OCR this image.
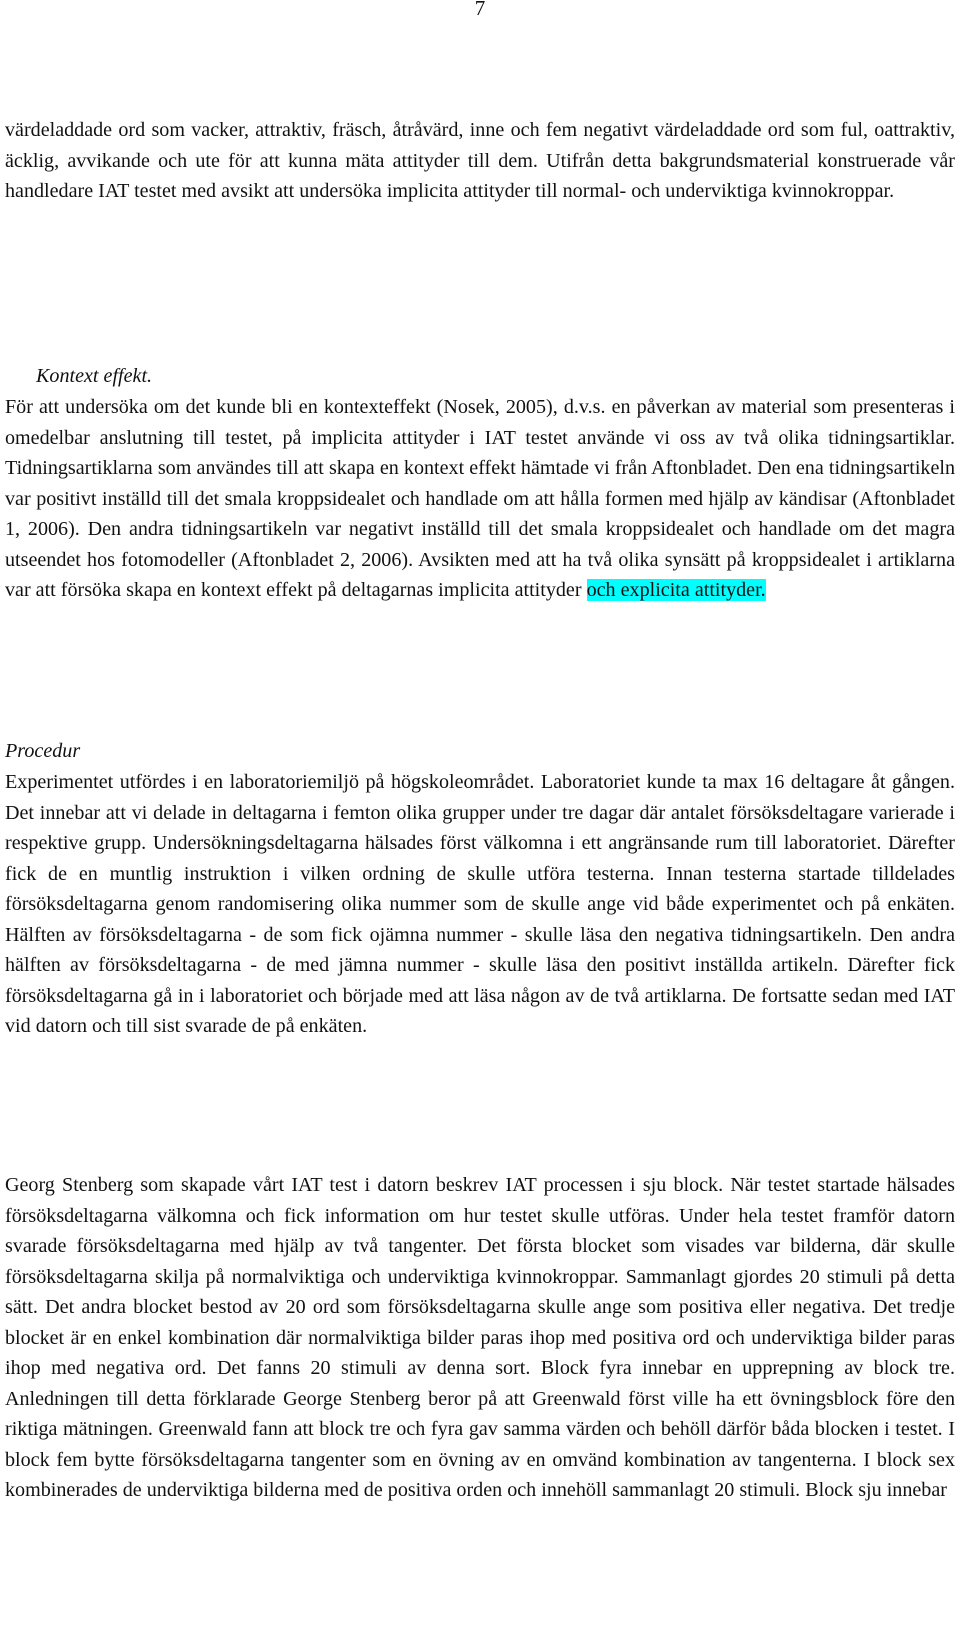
7

värdeladdade ord som vacker, attraktiv, fräsch, åtråvärd, inne och fem negativt värdeladdade ord som ful, oattraktiv, äcklig, avvikande och ute för att kunna mäta attityder till dem. Utifrån detta bakgrundsmaterial konstruerade vår handledare IAT testet med avsikt att undersöka implicita attityder till normal- och underviktiga kvinnokroppar.

Kontext effekt.

För att undersöka om det kunde bli en kontexteffekt (Nosek, 2005), d.v.s. en påverkan av material som presenteras i omedelbar anslutning till testet, på implicita attityder i IAT testet använde vi oss av två olika tidningsartiklar. Tidningsartiklarna som användes till att skapa en kontext effekt hämtade vi från Aftonbladet. Den ena tidningsartikeln var positivt inställd till det smala kroppsidealet och handlade om att hålla formen med hjälp av kändisar (Aftonbladet 1, 2006). Den andra tidningsartikeln var negativt inställd till det smala kroppsidealet och handlade om det magra utseendet hos fotomodeller (Aftonbladet 2, 2006). Avsikten med att ha två olika synsätt på kroppsidealet i artiklarna var att försöka skapa en kontext effekt på deltagarnas implicita attityder och explicita attityder.

Procedur

Experimentet utfördes i en laboratoriemiljö på högskoleområdet. Laboratoriet kunde ta max 16 deltagare åt gången. Det innebar att vi delade in deltagarna i femton olika grupper under tre dagar där antalet försöksdeltagare varierade i respektive grupp. Undersökningsdeltagarna hälsades först välkomna i ett angränsande rum till laboratoriet. Därefter fick de en muntlig instruktion i vilken ordning de skulle utföra testerna. Innan testerna startade tilldelades försöksdeltagarna genom randomisering olika nummer som de skulle ange vid både experimentet och på enkäten. Hälften av försöksdeltagarna - de som fick ojämna nummer - skulle läsa den negativa tidningsartikeln. Den andra hälften av försöksdeltagarna - de med jämna nummer - skulle läsa den positivt inställda artikeln. Därefter fick försöksdeltagarna gå in i laboratoriet och började med att läsa någon av de två artiklarna. De fortsatte sedan med IAT vid datorn och till sist svarade de på enkäten.

Georg Stenberg som skapade vårt IAT test i datorn beskrev IAT processen i sju block. När testet startade hälsades försöksdeltagarna välkomna och fick information om hur testet skulle utföras. Under hela testet framför datorn svarade försöksdeltagarna med hjälp av två tangenter. Det första blocket som visades var bilderna, där skulle försöksdeltagarna skilja på normalviktiga och underviktiga kvinnokroppar. Sammanlagt gjordes 20 stimuli på detta sätt. Det andra blocket bestod av 20 ord som försöksdeltagarna skulle ange som positiva eller negativa. Det tredje blocket är en enkel kombination där normalviktiga bilder paras ihop med positiva ord och underviktiga bilder paras ihop med negativa ord. Det fanns 20 stimuli av denna sort. Block fyra innebar en upprepning av block tre. Anledningen till detta förklarade George Stenberg beror på att Greenwald först ville ha ett övningsblock före den riktiga mätningen. Greenwald fann att block tre och fyra gav samma värden och behöll därför båda blocken i testet. I block fem bytte försöksdeltagarna tangenter som en övning av en omvänd kombination av tangenterna. I block sex kombinerades de underviktiga bilderna med de positiva orden och innehöll sammanlagt 20 stimuli. Block sju innebar
